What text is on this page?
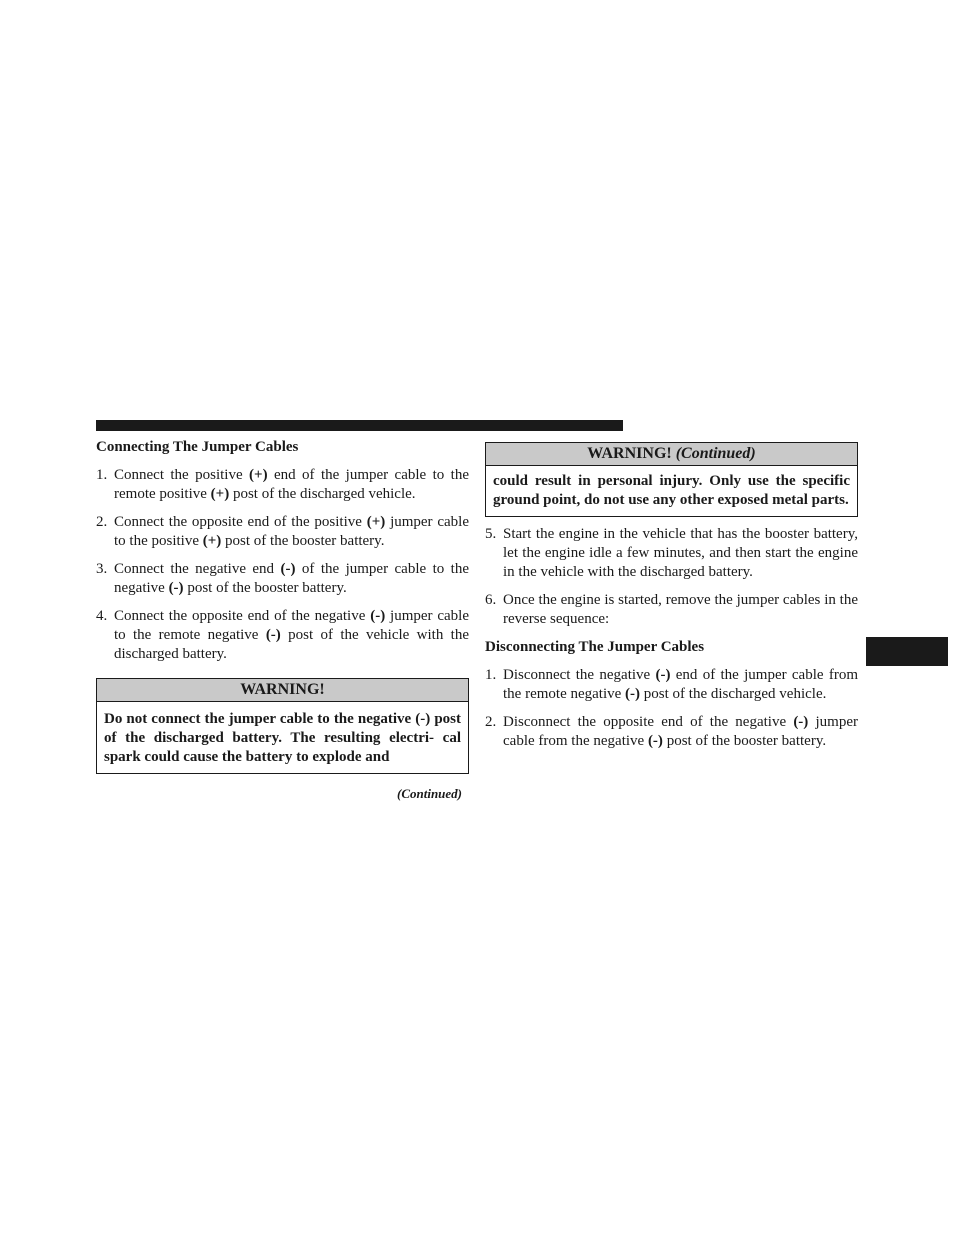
Connecting The Jumper Cables
1. Connect the positive (+) end of the jumper cable to the remote positive (+) post of the discharged vehicle.
2. Connect the opposite end of the positive (+) jumper cable to the positive (+) post of the booster battery.
3. Connect the negative end (-) of the jumper cable to the negative (-) post of the booster battery.
4. Connect the opposite end of the negative (-) jumper cable to the remote negative (-) post of the vehicle with the discharged battery.
WARNING!
Do not connect the jumper cable to the negative (-) post of the discharged battery. The resulting electri- cal spark could cause the battery to explode and
(Continued)
WARNING! (Continued)
could result in personal injury. Only use the specific ground point, do not use any other exposed metal parts.
5. Start the engine in the vehicle that has the booster battery, let the engine idle a few minutes, and then start the engine in the vehicle with the discharged battery.
6. Once the engine is started, remove the jumper cables in the reverse sequence:
Disconnecting The Jumper Cables
1. Disconnect the negative (-) end of the jumper cable from the remote negative (-) post of the discharged vehicle.
2. Disconnect the opposite end of the negative (-) jumper cable from the negative (-) post of the booster battery.
